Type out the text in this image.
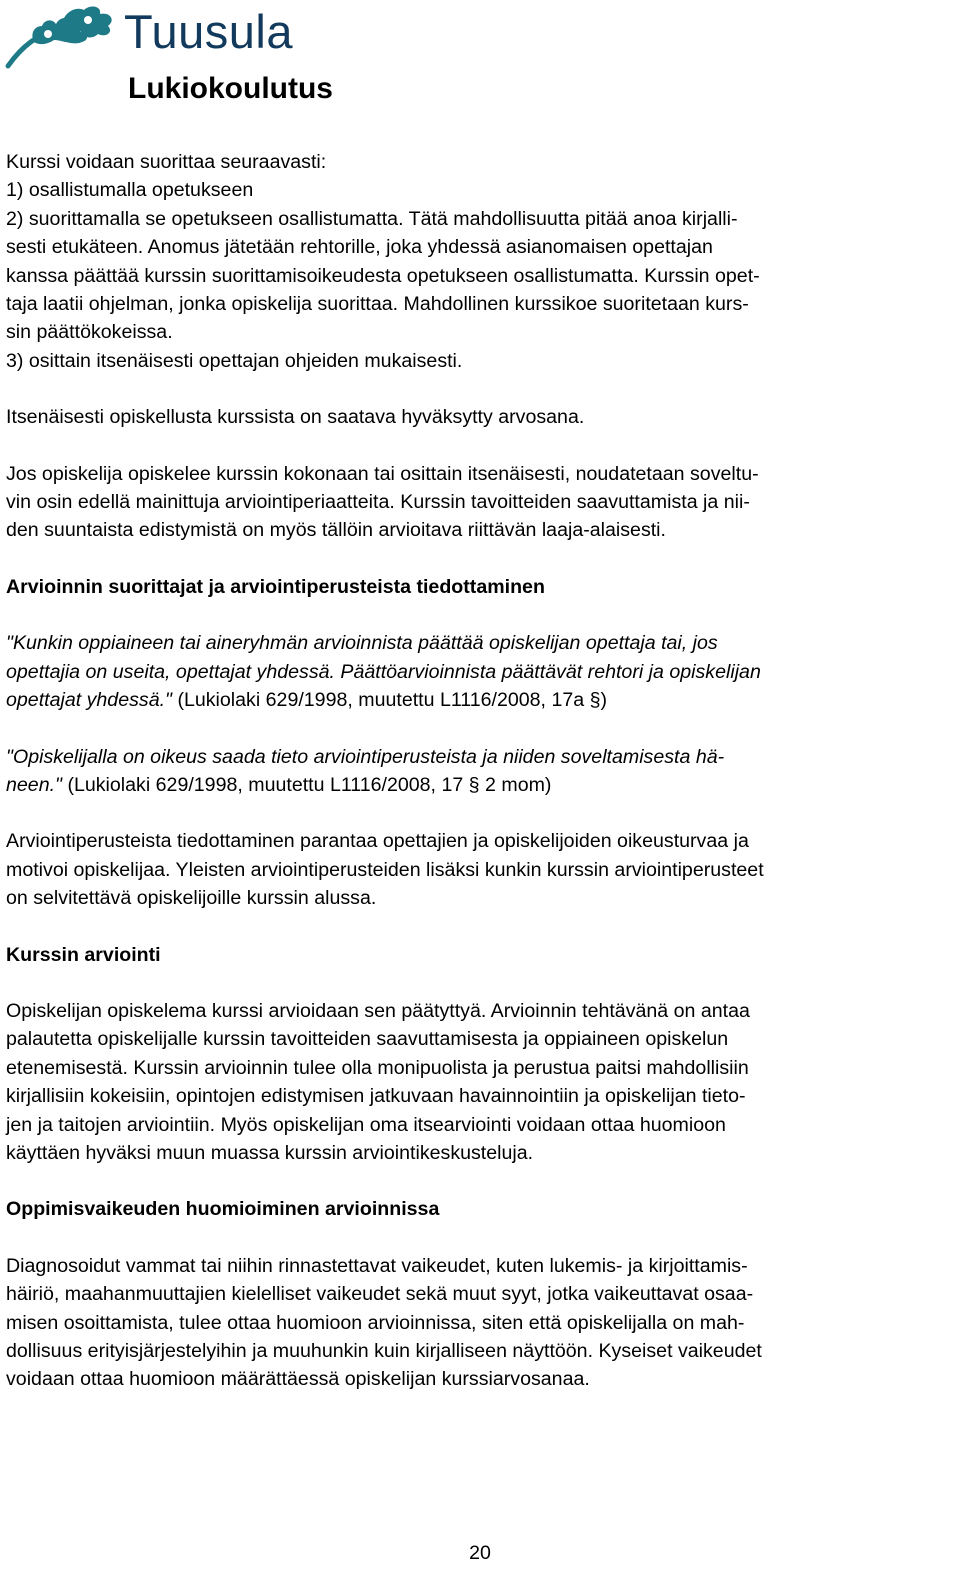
Tuusula
Lukiokoulutus

Kurssi voidaan suorittaa seuraavasti:

1) osallistumalla opetukseen

2) suorittamalla se opetukseen osallistumatta. Tätä mahdollisuutta pitää anoa kirjalli-

sesti etukäteen. Anomus jätetään rehtorille, joka yhdessä asianomaisen opettajan

kanssa päättää kurssin suorittamisoikeudesta opetukseen osallistumatta. Kurssin opet-

taja laatii ohjelman, jonka opiskelija suorittaa. Mahdollinen kurssikoe suoritetaan kurs-

sin päättökokeissa.

3) osittain itsenäisesti opettajan ohjeiden mukaisesti.

Itsenäisesti opiskellusta kurssista on saatava hyväksytty arvosana.

Jos opiskelija opiskelee kurssin kokonaan tai osittain itsenäisesti, noudatetaan soveltu-

vin osin edellä mainittuja arviointiperiaatteita. Kurssin tavoitteiden saavuttamista ja nii-

den suuntaista edistymistä on myös tällöin arvioitava riittävän laaja-alaisesti.

Arvioinnin suorittajat ja arviointiperusteista tiedottaminen

"Kunkin oppiaineen tai aineryhmän arvioinnista päättää opiskelijan opettaja tai, jos

opettajia on useita, opettajat yhdessä. Päättöarvioinnista päättävät rehtori ja opiskelijan

opettajat yhdessä." (Lukiolaki 629/1998, muutettu L1116/2008, 17a §)

"Opiskelijalla on oikeus saada tieto arviointiperusteista ja niiden soveltamisesta hä-

neen." (Lukiolaki 629/1998, muutettu L1116/2008, 17 § 2 mom)

Arviointiperusteista tiedottaminen parantaa opettajien ja opiskelijoiden oikeusturvaa ja

motivoi opiskelijaa. Yleisten arviointiperusteiden lisäksi kunkin kurssin arviointiperusteet

on selvitettävä opiskelijoille kurssin alussa.

Kurssin arviointi

Opiskelijan opiskelema kurssi arvioidaan sen päätyttyä. Arvioinnin tehtävänä on antaa

palautetta opiskelijalle kurssin tavoitteiden saavuttamisesta ja oppiaineen opiskelun

etenemisestä. Kurssin arvioinnin tulee olla monipuolista ja perustua paitsi mahdollisiin

kirjallisiin kokeisiin, opintojen edistymisen jatkuvaan havainnointiin ja opiskelijan tieto-

jen ja taitojen arviointiin. Myös opiskelijan oma itsearviointi voidaan ottaa huomioon

käyttäen hyväksi muun muassa kurssin arviointikeskusteluja.

Oppimisvaikeuden huomioiminen arvioinnissa

Diagnosoidut vammat tai niihin rinnastettavat vaikeudet, kuten lukemis- ja kirjoittamis-

häiriö, maahanmuuttajien kielelliset vaikeudet sekä muut syyt, jotka vaikeuttavat osaa-

misen osoittamista, tulee ottaa huomioon arvioinnissa, siten että opiskelijalla on mah-

dollisuus erityisjärjestelyihin ja muuhunkin kuin kirjalliseen näyttöön. Kyseiset vaikeudet

voidaan ottaa huomioon määrättäessä opiskelijan kurssiarvosanaa.

20
